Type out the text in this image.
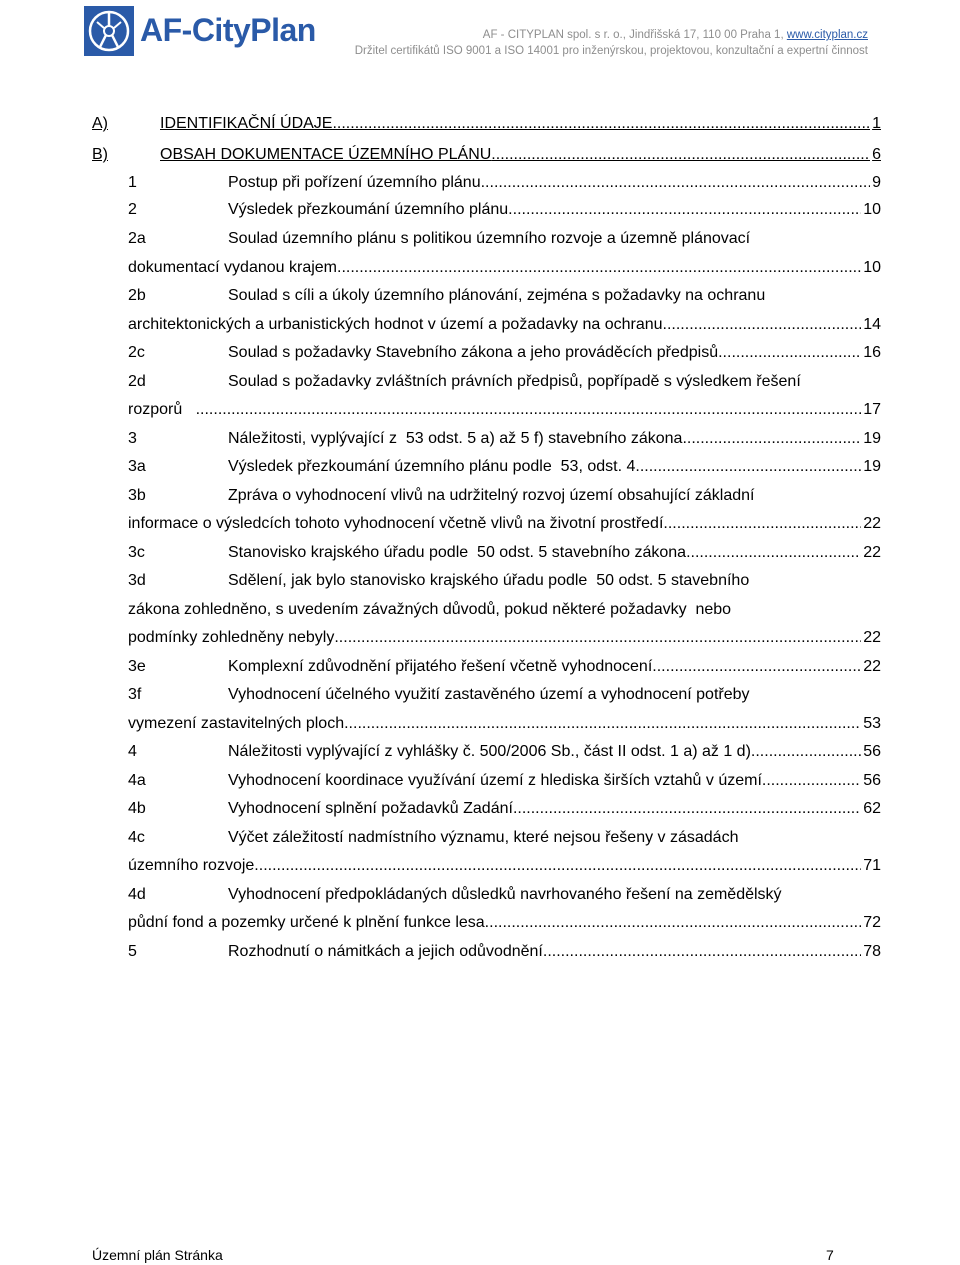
AF-CityPlan	AF - CITYPLAN spol. s r. o., Jindřišská 17, 110 00 Praha 1, www.cityplan.cz
Držitel certifikátů ISO 9001 a ISO 14001 pro inženýrskou, projektovou, konzultační a expertní činnost
A)	IDENTIFIKAČNÍ ÚDAJE .....	1
B)	OBSAH DOKUMENTACE ÚZEMNÍHO PLÁNU .....	6
1	Postup při pořízení územního plánu .....	9
2	Výsledek přezkoumání územního plánu .....	10
2a	Soulad územního plánu s politikou územního rozvoje a územně plánovací
dokumentací vydanou krajem .....	10
2b	Soulad s cíli a úkoly územního plánování, zejména s požadavky na ochranu
architektonických a urbanistických hodnot v území a požadavky na ochranu .....	14
2c	Soulad s požadavky Stavebního zákona a jeho prováděcích předpisů .....	16
2d	Soulad s požadavky zvláštních právních předpisů, popřípadě s výsledkem řešení
rozporů .....	17
3	Náležitosti, vyplývající z  53 odst. 5 a) až 5 f) stavebního zákona .....	19
3a	Výsledek přezkoumání územního plánu podle  53, odst. 4. .....	19
3b	Zpráva o vyhodnocení vlivů na udržitelný rozvoj území obsahující základní
informace o výsledcích tohoto vyhodnocení včetně vlivů na životní prostředí .....	22
3c	Stanovisko krajského úřadu podle  50 odst. 5 stavebního zákona .....	22
3d	Sdělení, jak bylo stanovisko krajského úřadu podle  50 odst. 5 stavebního
zákona zohledněno, s uvedením závažných důvodů, pokud některé požadavky  nebo
podmínky zohledněny nebyly .....	22
3e	Komplexní zdůvodnění přijatého řešení včetně vyhodnocení .....	22
3f	Vyhodnocení účelného využití zastavěného území a vyhodnocení potřeby
vymezení zastavitelných ploch .....	53
4	Náležitosti vyplývající z vyhlášky č. 500/2006 Sb., část II odst. 1 a) až 1 d) .....	56
4a	Vyhodnocení koordinace využívání území z hlediska širších vztahů v území .....	56
4b	Vyhodnocení splnění požadavků Zadání .....	62
4c	Výčet záležitostí nadmístního významu, které nejsou řešeny v zásadách
územního rozvoje .....	71
4d	Vyhodnocení předpokládaných důsledků navrhovaného řešení na zemědělský
půdní fond a pozemky určené k plnění funkce lesa .....	72
5	Rozhodnutí o námitkách a jejich odůvodnění .....	78
Územní plán Stránka	7
